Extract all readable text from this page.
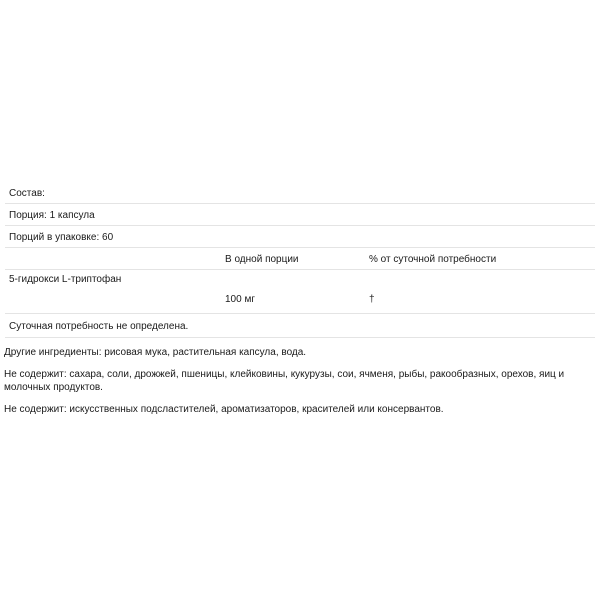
Состав:
Порция: 1 капсула
Порций в упаковке: 60
В одной порции	% от суточной потребности
5-гидрокси L-триптофан
100 мг	†
Суточная потребность не определена.

Другие ингредиенты: рисовая мука, растительная капсула, вода.

Не содержит: сахара, соли, дрожжей, пшеницы, клейковины, кукурузы, сои, ячменя, рыбы, ракообразных, орехов, яиц и молочных продуктов.

Не содержит: искусственных подсластителей, ароматизаторов, красителей или консервантов.
